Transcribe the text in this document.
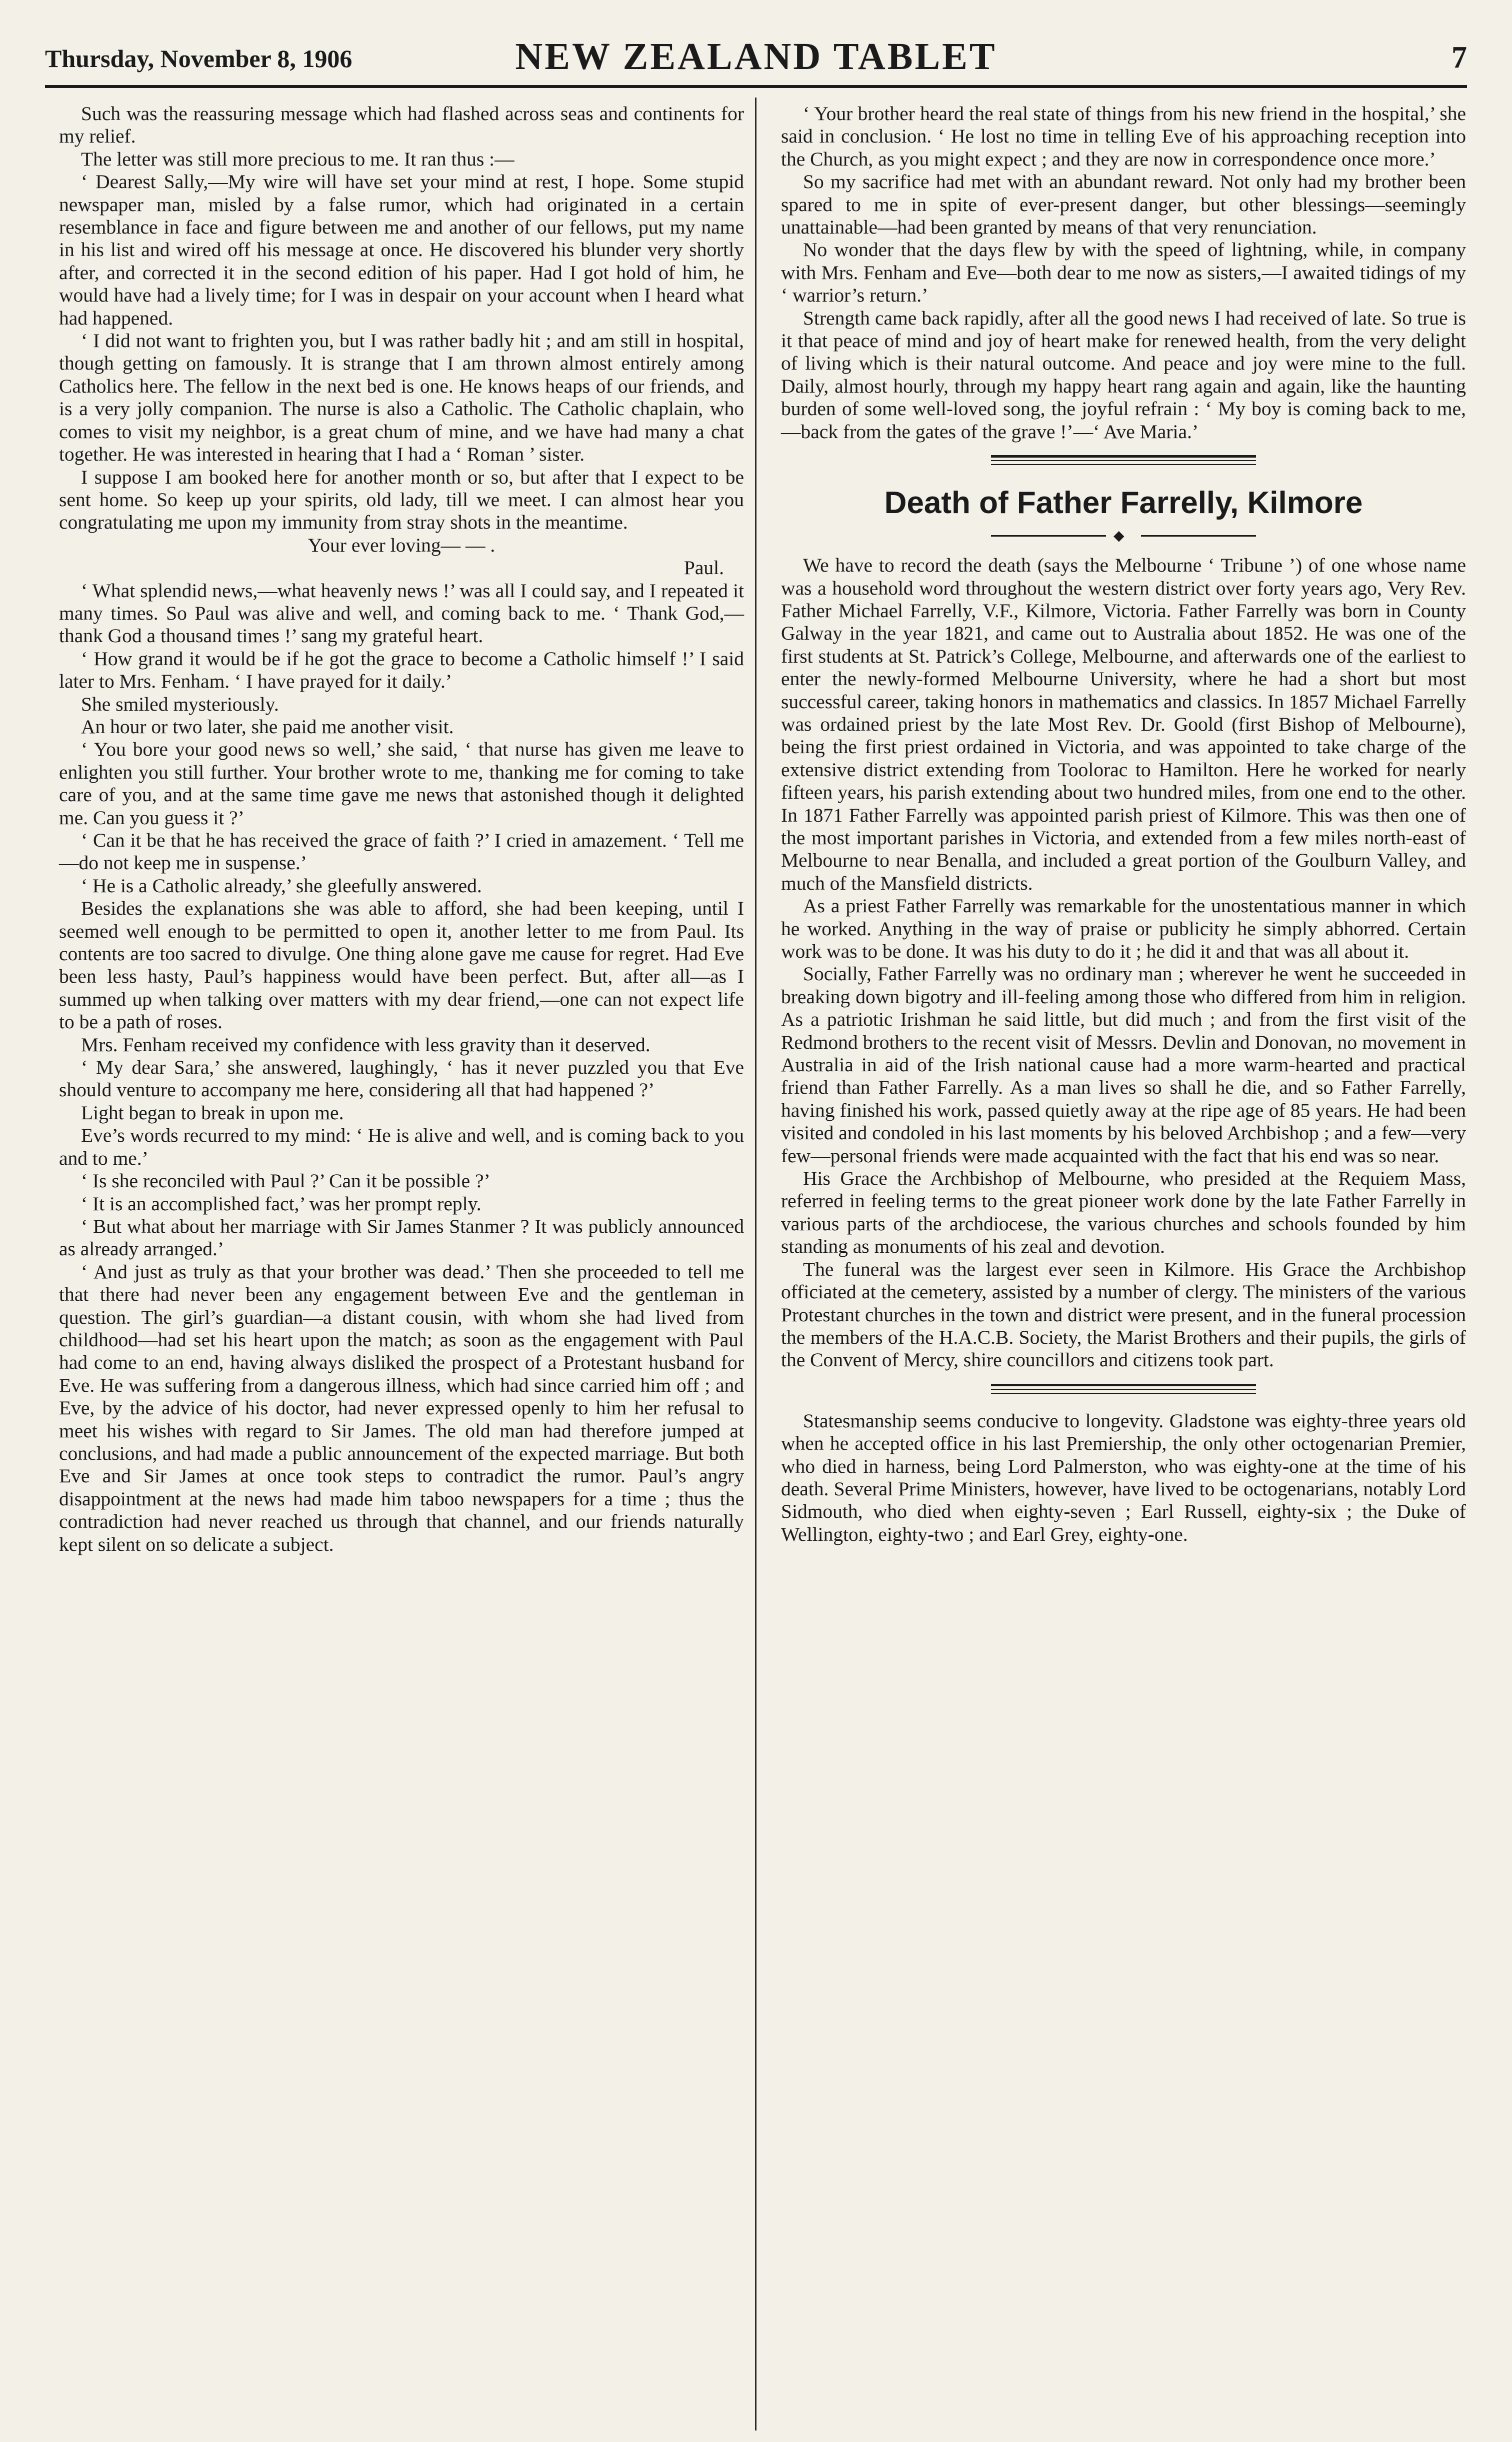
Thursday, November 8, 1906	NEW ZEALAND TABLET	7

Such was the reassuring message which had flashed across seas and continents for my relief.

The letter was still more precious to me. It ran thus :—

‘ Dearest Sally,—My wire will have set your mind at rest, I hope. Some stupid newspaper man, misled by a false rumor, which had originated in a certain resemblance in face and figure between me and another of our fellows, put my name in his list and wired off his message at once. He discovered his blunder very shortly after, and corrected it in the second edition of his paper. Had I got hold of him, he would have had a lively time; for I was in despair on your account when I heard what had happened.

‘ I did not want to frighten you, but I was rather badly hit ; and am still in hospital, though getting on famously. It is strange that I am thrown almost entirely among Catholics here. The fellow in the next bed is one. He knows heaps of our friends, and is a very jolly companion. The nurse is also a Catholic. The Catholic chaplain, who comes to visit my neighbor, is a great chum of mine, and we have had many a chat together. He was interested in hearing that I had a ‘ Roman ’ sister.

I suppose I am booked here for another month or so, but after that I expect to be sent home. So keep up your spirits, old lady, till we meet. I can almost hear you congratulating me upon my immunity from stray shots in the meantime.

Your ever loving— — .

Paul.

‘ What splendid news,—what heavenly news !’ was all I could say, and I repeated it many times. So Paul was alive and well, and coming back to me. ‘ Thank God,—thank God a thousand times !’ sang my grateful heart.

‘ How grand it would be if he got the grace to become a Catholic himself !’ I said later to Mrs. Fenham. ‘ I have prayed for it daily.’

She smiled mysteriously.

An hour or two later, she paid me another visit.

‘ You bore your good news so well,’ she said, ‘ that nurse has given me leave to enlighten you still further. Your brother wrote to me, thanking me for coming to take care of you, and at the same time gave me news that astonished though it delighted me. Can you guess it ?’

‘ Can it be that he has received the grace of faith ?’ I cried in amazement. ‘ Tell me—do not keep me in suspense.’

‘ He is a Catholic already,’ she gleefully answered.

Besides the explanations she was able to afford, she had been keeping, until I seemed well enough to be permitted to open it, another letter to me from Paul. Its contents are too sacred to divulge. One thing alone gave me cause for regret. Had Eve been less hasty, Paul’s happiness would have been perfect. But, after all—as I summed up when talking over matters with my dear friend,—one can not expect life to be a path of roses.

Mrs. Fenham received my confidence with less gravity than it deserved.

‘ My dear Sara,’ she answered, laughingly, ‘ has it never puzzled you that Eve should venture to accompany me here, considering all that had happened ?’

Light began to break in upon me.

Eve’s words recurred to my mind: ‘ He is alive and well, and is coming back to you and to me.’

‘ Is she reconciled with Paul ?’ Can it be possible ?’

‘ It is an accomplished fact,’ was her prompt reply.

‘ But what about her marriage with Sir James Stanmer ? It was publicly announced as already arranged.’

‘ And just as truly as that your brother was dead.’ Then she proceeded to tell me that there had never been any engagement between Eve and the gentleman in question. The girl’s guardian—a distant cousin, with whom she had lived from childhood—had set his heart upon the match; as soon as the engagement with Paul had come to an end, having always disliked the prospect of a Protestant husband for Eve. He was suffering from a dangerous illness, which had since carried him off ; and Eve, by the advice of his doctor, had never expressed openly to him her refusal to meet his wishes with regard to Sir James. The old man had therefore jumped at conclusions, and had made a public announcement of the expected marriage. But both Eve and Sir James at once took steps to contradict the rumor. Paul’s angry disappointment at the news had made him taboo newspapers for a time ; thus the contradiction had never reached us through that channel, and our friends naturally kept silent on so delicate a subject.

‘ Your brother heard the real state of things from his new friend in the hospital,’ she said in conclusion. ‘ He lost no time in telling Eve of his approaching reception into the Church, as you might expect ; and they are now in correspondence once more.’

So my sacrifice had met with an abundant reward. Not only had my brother been spared to me in spite of ever-present danger, but other blessings—seemingly unattainable—had been granted by means of that very renunciation.

No wonder that the days flew by with the speed of lightning, while, in company with Mrs. Fenham and Eve—both dear to me now as sisters,—I awaited tidings of my ‘ warrior’s return.’

Strength came back rapidly, after all the good news I had received of late. So true is it that peace of mind and joy of heart make for renewed health, from the very delight of living which is their natural outcome. And peace and joy were mine to the full. Daily, almost hourly, through my happy heart rang again and again, like the haunting burden of some well-loved song, the joyful refrain : ‘ My boy is coming back to me,—back from the gates of the grave !’—‘ Ave Maria.’

Death of Father Farrelly, Kilmore
◆

We have to record the death (says the Melbourne ‘ Tribune ’) of one whose name was a household word throughout the western district over forty years ago, Very Rev. Father Michael Farrelly, V.F., Kilmore, Victoria. Father Farrelly was born in County Galway in the year 1821, and came out to Australia about 1852. He was one of the first students at St. Patrick’s College, Melbourne, and afterwards one of the earliest to enter the newly-formed Melbourne University, where he had a short but most successful career, taking honors in mathematics and classics. In 1857 Michael Farrelly was ordained priest by the late Most Rev. Dr. Goold (first Bishop of Melbourne), being the first priest ordained in Victoria, and was appointed to take charge of the extensive district extending from Toolorac to Hamilton. Here he worked for nearly fifteen years, his parish extending about two hundred miles, from one end to the other. In 1871 Father Farrelly was appointed parish priest of Kilmore. This was then one of the most important parishes in Victoria, and extended from a few miles north-east of Melbourne to near Benalla, and included a great portion of the Goulburn Valley, and much of the Mansfield districts.

As a priest Father Farrelly was remarkable for the unostentatious manner in which he worked. Anything in the way of praise or publicity he simply abhorred. Certain work was to be done. It was his duty to do it ; he did it and that was all about it.

Socially, Father Farrelly was no ordinary man ; wherever he went he succeeded in breaking down bigotry and ill-feeling among those who differed from him in religion. As a patriotic Irishman he said little, but did much ; and from the first visit of the Redmond brothers to the recent visit of Messrs. Devlin and Donovan, no movement in Australia in aid of the Irish national cause had a more warm-hearted and practical friend than Father Farrelly. As a man lives so shall he die, and so Father Farrelly, having finished his work, passed quietly away at the ripe age of 85 years. He had been visited and condoled in his last moments by his beloved Archbishop ; and a few—very few—personal friends were made acquainted with the fact that his end was so near.

His Grace the Archbishop of Melbourne, who presided at the Requiem Mass, referred in feeling terms to the great pioneer work done by the late Father Farrelly in various parts of the archdiocese, the various churches and schools founded by him standing as monuments of his zeal and devotion.

The funeral was the largest ever seen in Kilmore. His Grace the Archbishop officiated at the cemetery, assisted by a number of clergy. The ministers of the various Protestant churches in the town and district were present, and in the funeral procession the members of the H.A.C.B. Society, the Marist Brothers and their pupils, the girls of the Convent of Mercy, shire councillors and citizens took part.

Statesmanship seems conducive to longevity. Gladstone was eighty-three years old when he accepted office in his last Premiership, the only other octogenarian Premier, who died in harness, being Lord Palmerston, who was eighty-one at the time of his death. Several Prime Ministers, however, have lived to be octogenarians, notably Lord Sidmouth, who died when eighty-seven ; Earl Russell, eighty-six ; the Duke of Wellington, eighty-two ; and Earl Grey, eighty-one.
